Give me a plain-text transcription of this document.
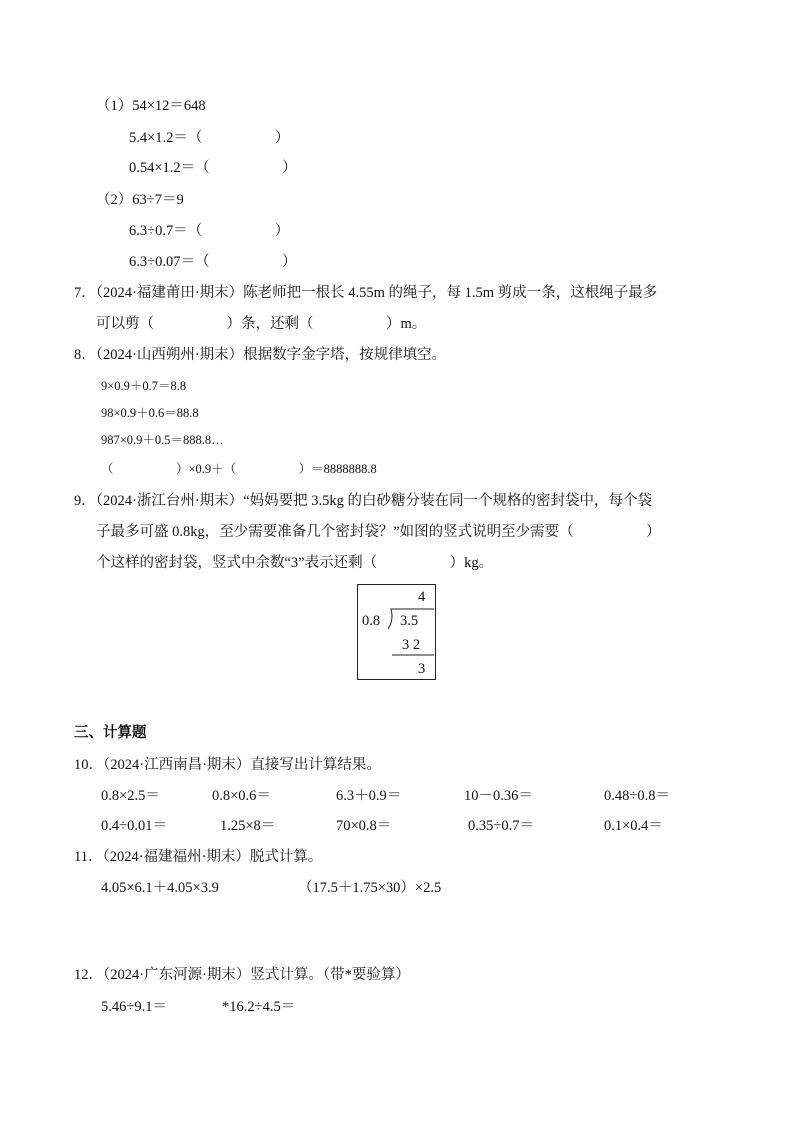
（1）54×12＝648
5.4×1.2＝（　　　　　）
0.54×1.2＝（　　　　　）
（2）63÷7＝9
6.3÷0.7＝（　　　　　）
6.3÷0.07＝（　　　　　）
7．（2024·福建莆田·期末）陈老师把一根长 4.55m 的绳子，每 1.5m 剪成一条，这根绳子最多
可以剪（　　　　　）条，还剩（　　　　　）m。
8．（2024·山西朔州·期末）根据数字金字塔，按规律填空。
9×0.9＋0.7＝8.8
98×0.9＋0.6＝88.8
987×0.9＋0.5＝888.8…
（　　　　　）×0.9＋（　　　　　）＝8888888.8
9．（2024·浙江台州·期末）“妈妈要把 3.5kg 的白砂糖分装在同一个规格的密封袋中，每个袋
子最多可盛 0.8kg，至少需要准备几个密封袋？”如图的竖式说明至少需要（　　　　　）
个这样的密封袋，竖式中余数“3”表示还剩（　　　　　）kg。
4
0.8 3.5
3 2
3
三、计算题
10．（2024·江西南昌·期末）直接写出计算结果。
0.8×2.5＝	0.8×0.6＝	6.3＋0.9＝	10－0.36＝	0.48÷0.8＝
0.4÷0.01＝	1.25×8＝	70×0.8＝	0.35÷0.7＝	0.1×0.4＝
11．（2024·福建福州·期末）脱式计算。
4.05×6.1＋4.05×3.9	（17.5＋1.75×30）×2.5
12．（2024·广东河源·期末）竖式计算。（带*要验算）
5.46÷9.1＝	*16.2÷4.5＝
